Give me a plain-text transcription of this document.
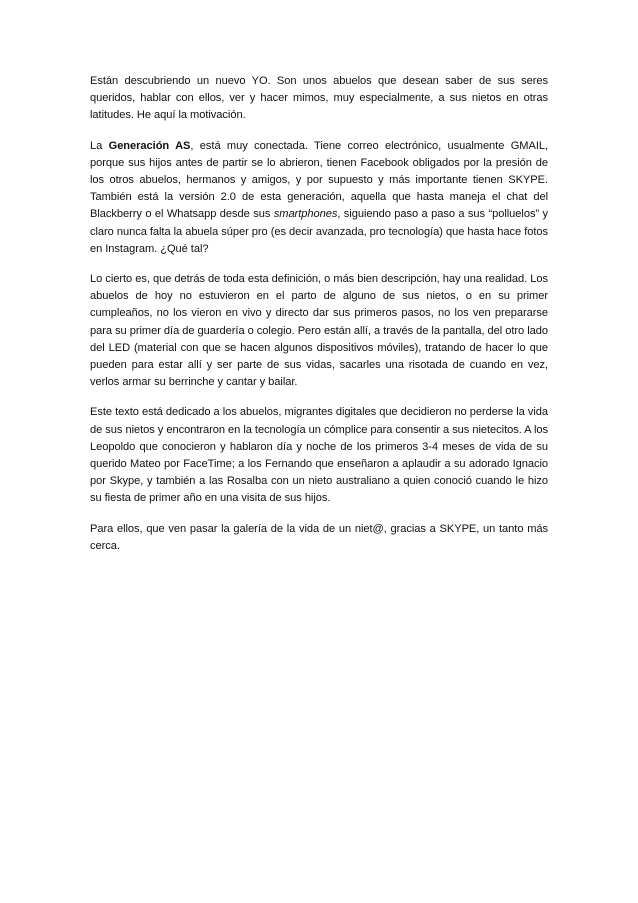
Están descubriendo un nuevo YO. Son unos abuelos que desean saber de sus seres queridos, hablar con ellos, ver y hacer mimos, muy especialmente, a sus nietos en otras latitudes. He aquí la motivación.

La Generación AS, está muy conectada. Tiene correo electrónico, usualmente GMAIL, porque sus hijos antes de partir se lo abrieron, tienen Facebook obligados por la presión de los otros abuelos, hermanos y amigos, y por supuesto y más importante tienen SKYPE. También está la versión 2.0 de esta generación, aquella que hasta maneja el chat del Blackberry o el Whatsapp desde sus smartphones, siguiendo paso a paso a sus “polluelos” y claro nunca falta la abuela súper pro (es decir avanzada, pro tecnología) que hasta hace fotos en Instagram. ¿Qué tal?

Lo cierto es, que detrás de toda esta definición, o más bien descripción, hay una realidad. Los abuelos de hoy no estuvieron en el parto de alguno de sus nietos, o en su primer cumpleaños, no los vieron en vivo y directo dar sus primeros pasos, no los ven prepararse para su primer día de guardería o colegio. Pero están allí, a través de la pantalla, del otro lado del LED (material con que se hacen algunos dispositivos móviles), tratando de hacer lo que pueden para estar allí y ser parte de sus vidas, sacarles una risotada de cuando en vez, verlos armar su berrinche y cantar y bailar.

Este texto está dedicado a los abuelos, migrantes digitales que decidieron no perderse la vida de sus nietos y encontraron en la tecnología un cómplice para consentir a sus nietecitos. A los Leopoldo que conocieron y hablaron día y noche de los primeros 3-4 meses de vida de su querido Mateo por FaceTime; a los Fernando que enseñaron a aplaudir a su adorado Ignacio por Skype, y también a las Rosalba con un nieto australiano a quien conoció cuando le hizo su fiesta de primer año en una visita de sus hijos.

Para ellos, que ven pasar la galería de la vida de un niet@, gracias a SKYPE, un tanto más cerca.
